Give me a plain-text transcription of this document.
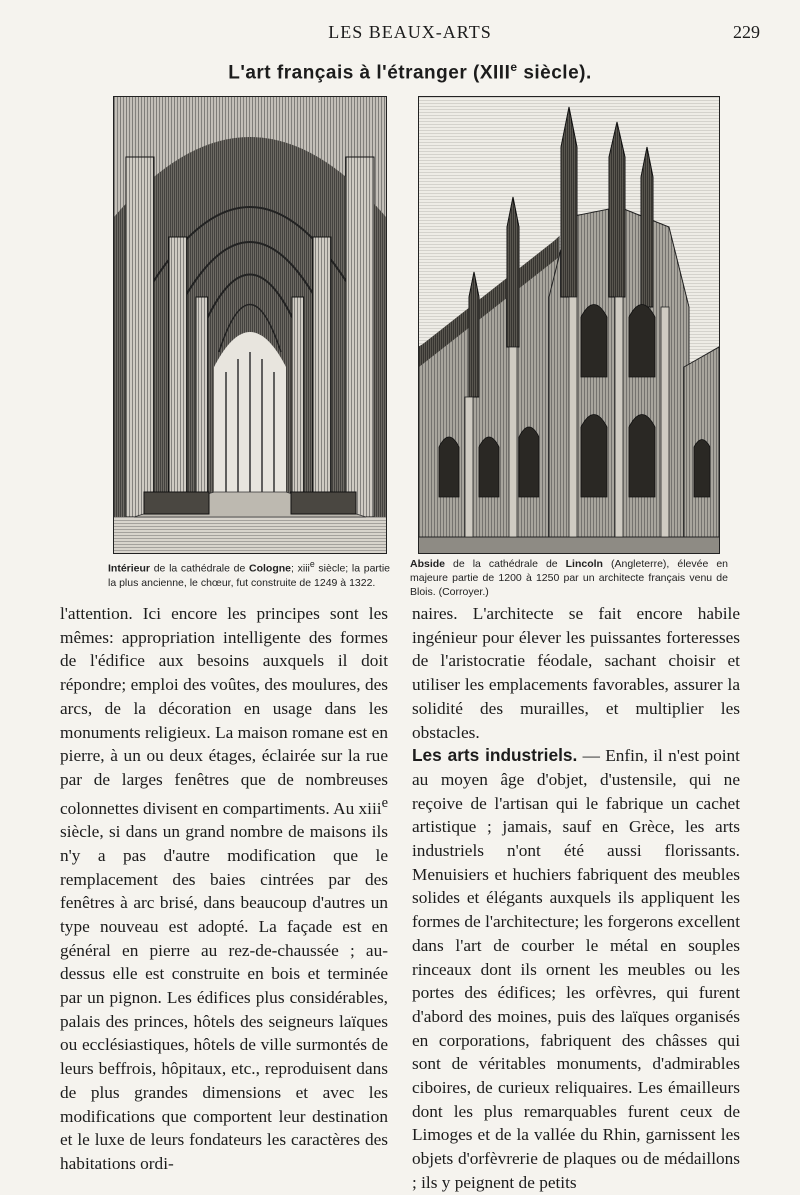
LES BEAUX-ARTS	229
L'art français à l'étranger (XIIIe siècle).
Intérieur de la cathédrale de Cologne; xiii$^e$ siècle; la partie la plus ancienne, le chœur, fut construite de 1249 à 1322.
Abside de la cathédrale de Lincoln (Angleterre), élevée en majeure partie de 1200 à 1250 par un architecte français venu de Blois. (Corroyer.)

l'attention. Ici encore les principes sont les mêmes: appropriation intelligente des formes de l'édifice aux besoins auxquels il doit répondre; emploi des voûtes, des moulures, des arcs, de la décoration en usage dans les monuments religieux. La maison romane est en pierre, à un ou deux étages, éclairée sur la rue par de larges fenêtres que de nombreuses colonnettes divisent en compartiments. Au xiii$^e$ siècle, si dans un grand nombre de maisons ils n'y a pas d'autre modification que le remplacement des baies cintrées par des fenêtres à arc brisé, dans beaucoup d'autres un type nouveau est adopté. La façade est en général en pierre au rez-de-chaussée ; au-dessus elle est construite en bois et terminée par un pignon. Les édifices plus considérables, palais des princes, hôtels des seigneurs laïques ou ecclésiastiques, hôtels de ville surmontés de leurs beffrois, hôpitaux, etc., reproduisent dans de plus grandes dimensions et avec les modifications que comportent leur destination et le luxe de leurs fondateurs les caractères des habitations ordi-

naires. L'architecte se fait encore habile ingénieur pour élever les puissantes forteresses de l'aristocratie féodale, sachant choisir et utiliser les emplacements favorables, assurer la solidité des murailles, et multiplier les obstacles.

Les arts industriels. — Enfin, il n'est point au moyen âge d'objet, d'ustensile, qui ne reçoive de l'artisan qui le fabrique un cachet artistique ; jamais, sauf en Grèce, les arts industriels n'ont été aussi florissants. Menuisiers et huchiers fabriquent des meubles solides et élégants auxquels ils appliquent les formes de l'architecture; les forgerons excellent dans l'art de courber le métal en souples rinceaux dont ils ornent les meubles ou les portes des édifices; les orfèvres, qui furent d'abord des moines, puis des laïques organisés en corporations, fabriquent des châsses qui sont de véritables monuments, d'admirables ciboires, de curieux reliquaires. Les émailleurs dont les plus remarquables furent ceux de Limoges et de la vallée du Rhin, garnissent les objets d'orfèvrerie de plaques ou de médaillons ; ils y peignent de petits
